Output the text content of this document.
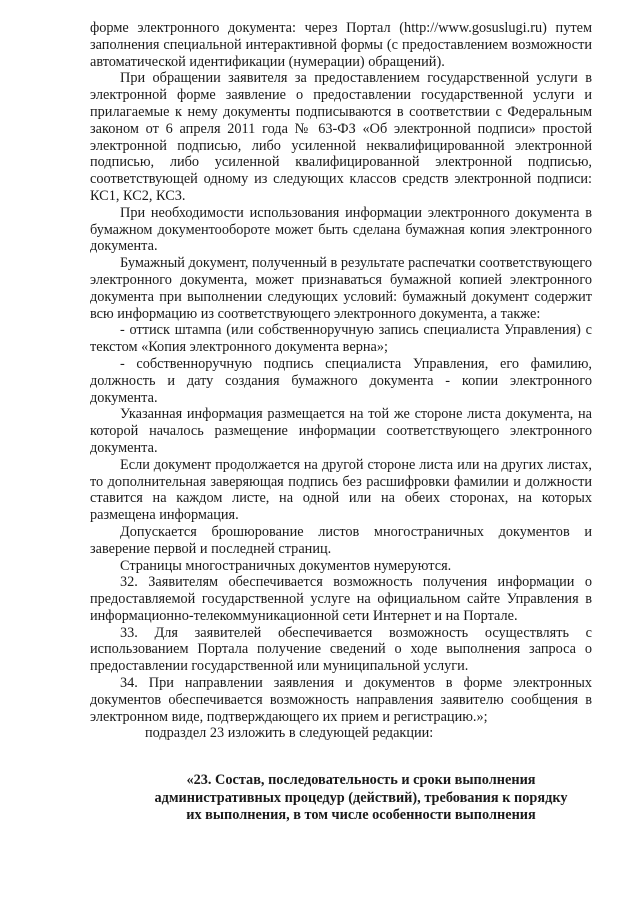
форме электронного документа: через Портал (http://www.gosuslugi.ru) путем заполнения специальной интерактивной формы (с предоставлением возможности автоматической идентификации (нумерации) обращений).

При обращении заявителя за предоставлением государственной услуги в электронной форме заявление о предоставлении государственной услуги и прилагаемые к нему документы подписываются в соответствии с Федеральным законом от 6 апреля 2011 года № 63-ФЗ «Об электронной подписи» простой электронной подписью, либо усиленной неквалифицированной электронной подписью, либо усиленной квалифицированной электронной подписью, соответствующей одному из следующих классов средств электронной подписи: КС1, КС2, КС3.

При необходимости использования информации электронного документа в бумажном документообороте может быть сделана бумажная копия электронного документа.

Бумажный документ, полученный в результате распечатки соответствующего электронного документа, может признаваться бумажной копией электронного документа при выполнении следующих условий: бумажный документ содержит всю информацию из соответствующего электронного документа, а также:

- оттиск штампа (или собственноручную запись специалиста Управления) с текстом «Копия электронного документа верна»;

- собственноручную подпись специалиста Управления, его фамилию, должность и дату создания бумажного документа - копии электронного документа.

Указанная информация размещается на той же стороне листа документа, на которой началось размещение информации соответствующего электронного документа.

Если документ продолжается на другой стороне листа или на других листах, то дополнительная заверяющая подпись без расшифровки фамилии и должности ставится на каждом листе, на одной или на обеих сторонах, на которых размещена информация.

Допускается брошюрование листов многостраничных документов и заверение первой и последней страниц.

Страницы многостраничных документов нумеруются.

32. Заявителям обеспечивается возможность получения информации о предоставляемой государственной услуге на официальном сайте Управления в информационно-телекоммуникационной сети Интернет и на Портале.

33. Для заявителей обеспечивается возможность осуществлять с использованием Портала получение сведений о ходе выполнения запроса о предоставлении государственной или муниципальной услуги.

34. При направлении заявления и документов в форме электронных документов обеспечивается возможность направления заявителю сообщения в электронном виде, подтверждающего их прием и регистрацию.»;

подраздел 23 изложить в следующей редакции:

«23. Состав, последовательность и сроки выполнения
административных процедур (действий), требования к порядку
их выполнения, в том числе особенности выполнения
